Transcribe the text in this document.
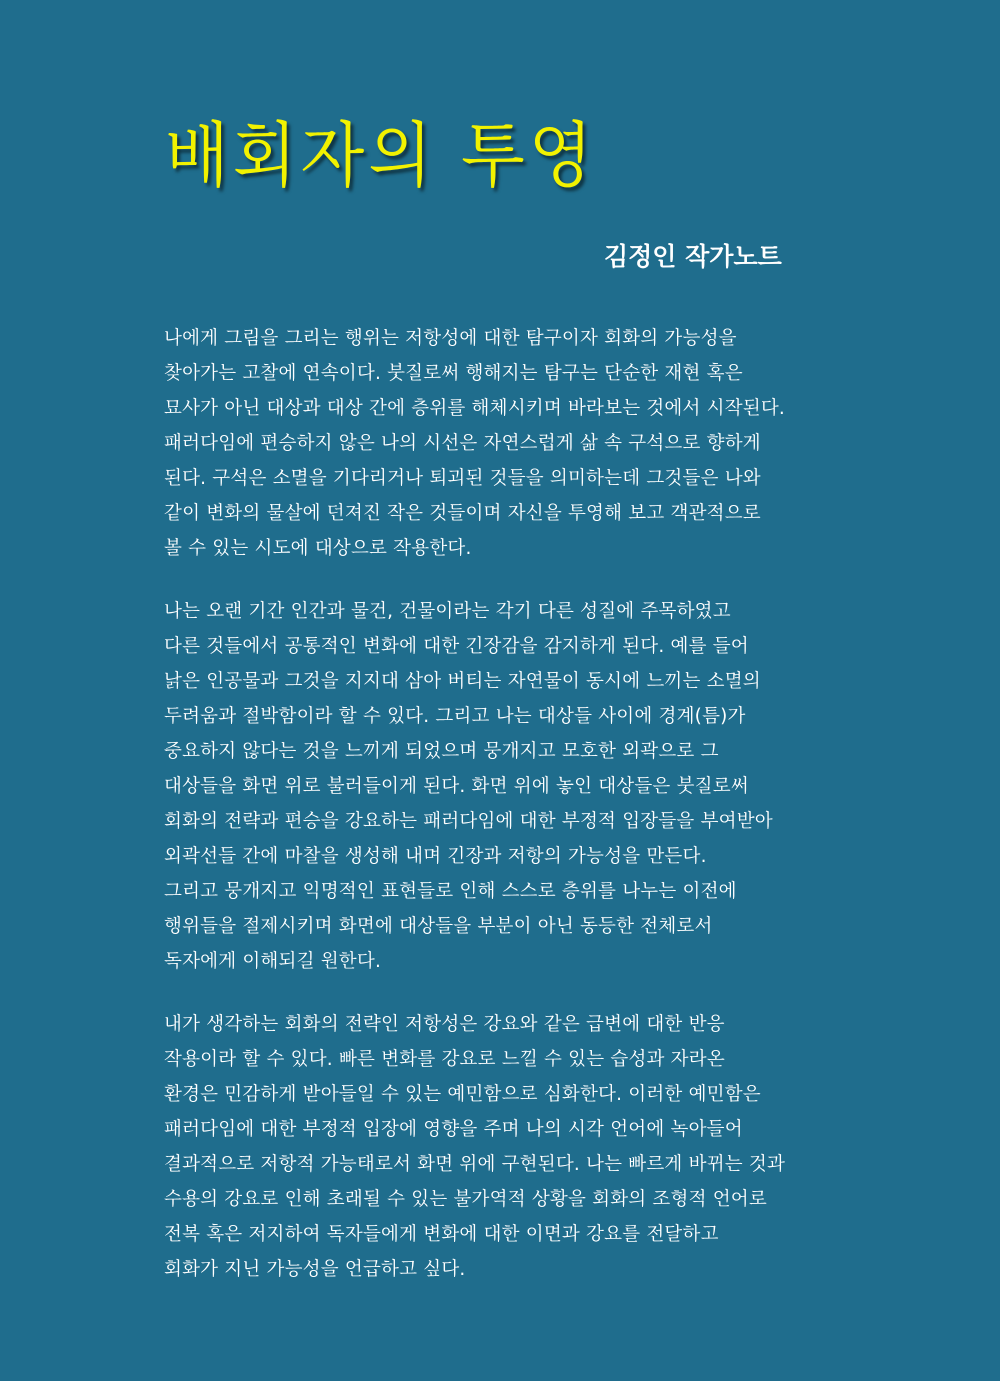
배회자의 투영
김정인 작가노트
나에게 그림을 그리는 행위는 저항성에 대한 탐구이자 회화의 가능성을
찾아가는 고찰에 연속이다. 붓질로써 행해지는 탐구는 단순한 재현 혹은
묘사가 아닌 대상과 대상 간에 층위를 해체시키며 바라보는 것에서 시작된다.
패러다임에 편승하지 않은 나의 시선은 자연스럽게 삶 속 구석으로 향하게
된다. 구석은 소멸을 기다리거나 퇴괴된 것들을 의미하는데 그것들은 나와
같이 변화의 물살에 던져진 작은 것들이며 자신을 투영해 보고 객관적으로
볼 수 있는 시도에 대상으로 작용한다.
나는 오랜 기간 인간과 물건, 건물이라는 각기 다른 성질에 주목하였고
다른 것들에서 공통적인 변화에 대한 긴장감을 감지하게 된다. 예를 들어
낡은 인공물과 그것을 지지대 삼아 버티는 자연물이 동시에 느끼는 소멸의
두려움과 절박함이라 할 수 있다. 그리고 나는 대상들 사이에 경계(틈)가
중요하지 않다는 것을 느끼게 되었으며 뭉개지고 모호한 외곽으로 그
대상들을 화면 위로 불러들이게 된다. 화면 위에 놓인 대상들은 붓질로써
회화의 전략과 편승을 강요하는 패러다임에 대한 부정적 입장들을 부여받아
외곽선들 간에 마찰을 생성해 내며 긴장과 저항의 가능성을 만든다.
그리고 뭉개지고 익명적인 표현들로 인해 스스로 층위를 나누는 이전에
행위들을 절제시키며 화면에 대상들을 부분이 아닌 동등한 전체로서
독자에게 이해되길 원한다.
내가 생각하는 회화의 전략인 저항성은 강요와 같은 급변에 대한 반응
작용이라 할 수 있다. 빠른 변화를 강요로 느낄 수 있는 습성과 자라온
환경은 민감하게 받아들일 수 있는 예민함으로 심화한다. 이러한 예민함은
패러다임에 대한 부정적 입장에 영향을 주며 나의 시각 언어에 녹아들어
결과적으로 저항적 가능태로서 화면 위에 구현된다. 나는 빠르게 바뀌는 것과
수용의 강요로 인해 초래될 수 있는 불가역적 상황을 회화의 조형적 언어로
전복 혹은 저지하여 독자들에게 변화에 대한 이면과 강요를 전달하고
회화가 지닌 가능성을 언급하고 싶다.
